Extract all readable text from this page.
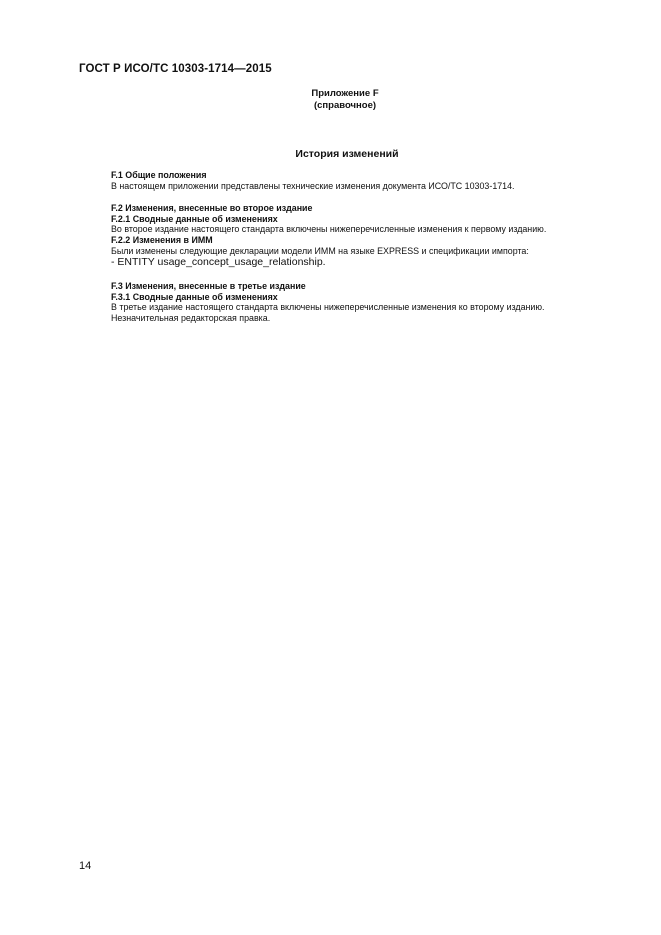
ГОСТ Р ИСО/ТС 10303-1714—2015
Приложение F
(справочное)
История изменений
F.1 Общие положения
В настоящем приложении представлены технические изменения документа ИСО/ТС 10303-1714.
F.2 Изменения, внесенные во второе издание
F.2.1 Сводные данные об изменениях
Во второе издание настоящего стандарта включены нижеперечисленные изменения к первому изданию.
F.2.2 Изменения в ИММ
Были изменены следующие декларации модели ИММ на языке EXPRESS и спецификации импорта:
- ENTITY usage_concept_usage_relationship.
F.3 Изменения, внесенные в третье издание
F.3.1 Сводные данные об изменениях
В третье издание настоящего стандарта включены нижеперечисленные изменения ко второму изданию.
Незначительная редакторская правка.
14
